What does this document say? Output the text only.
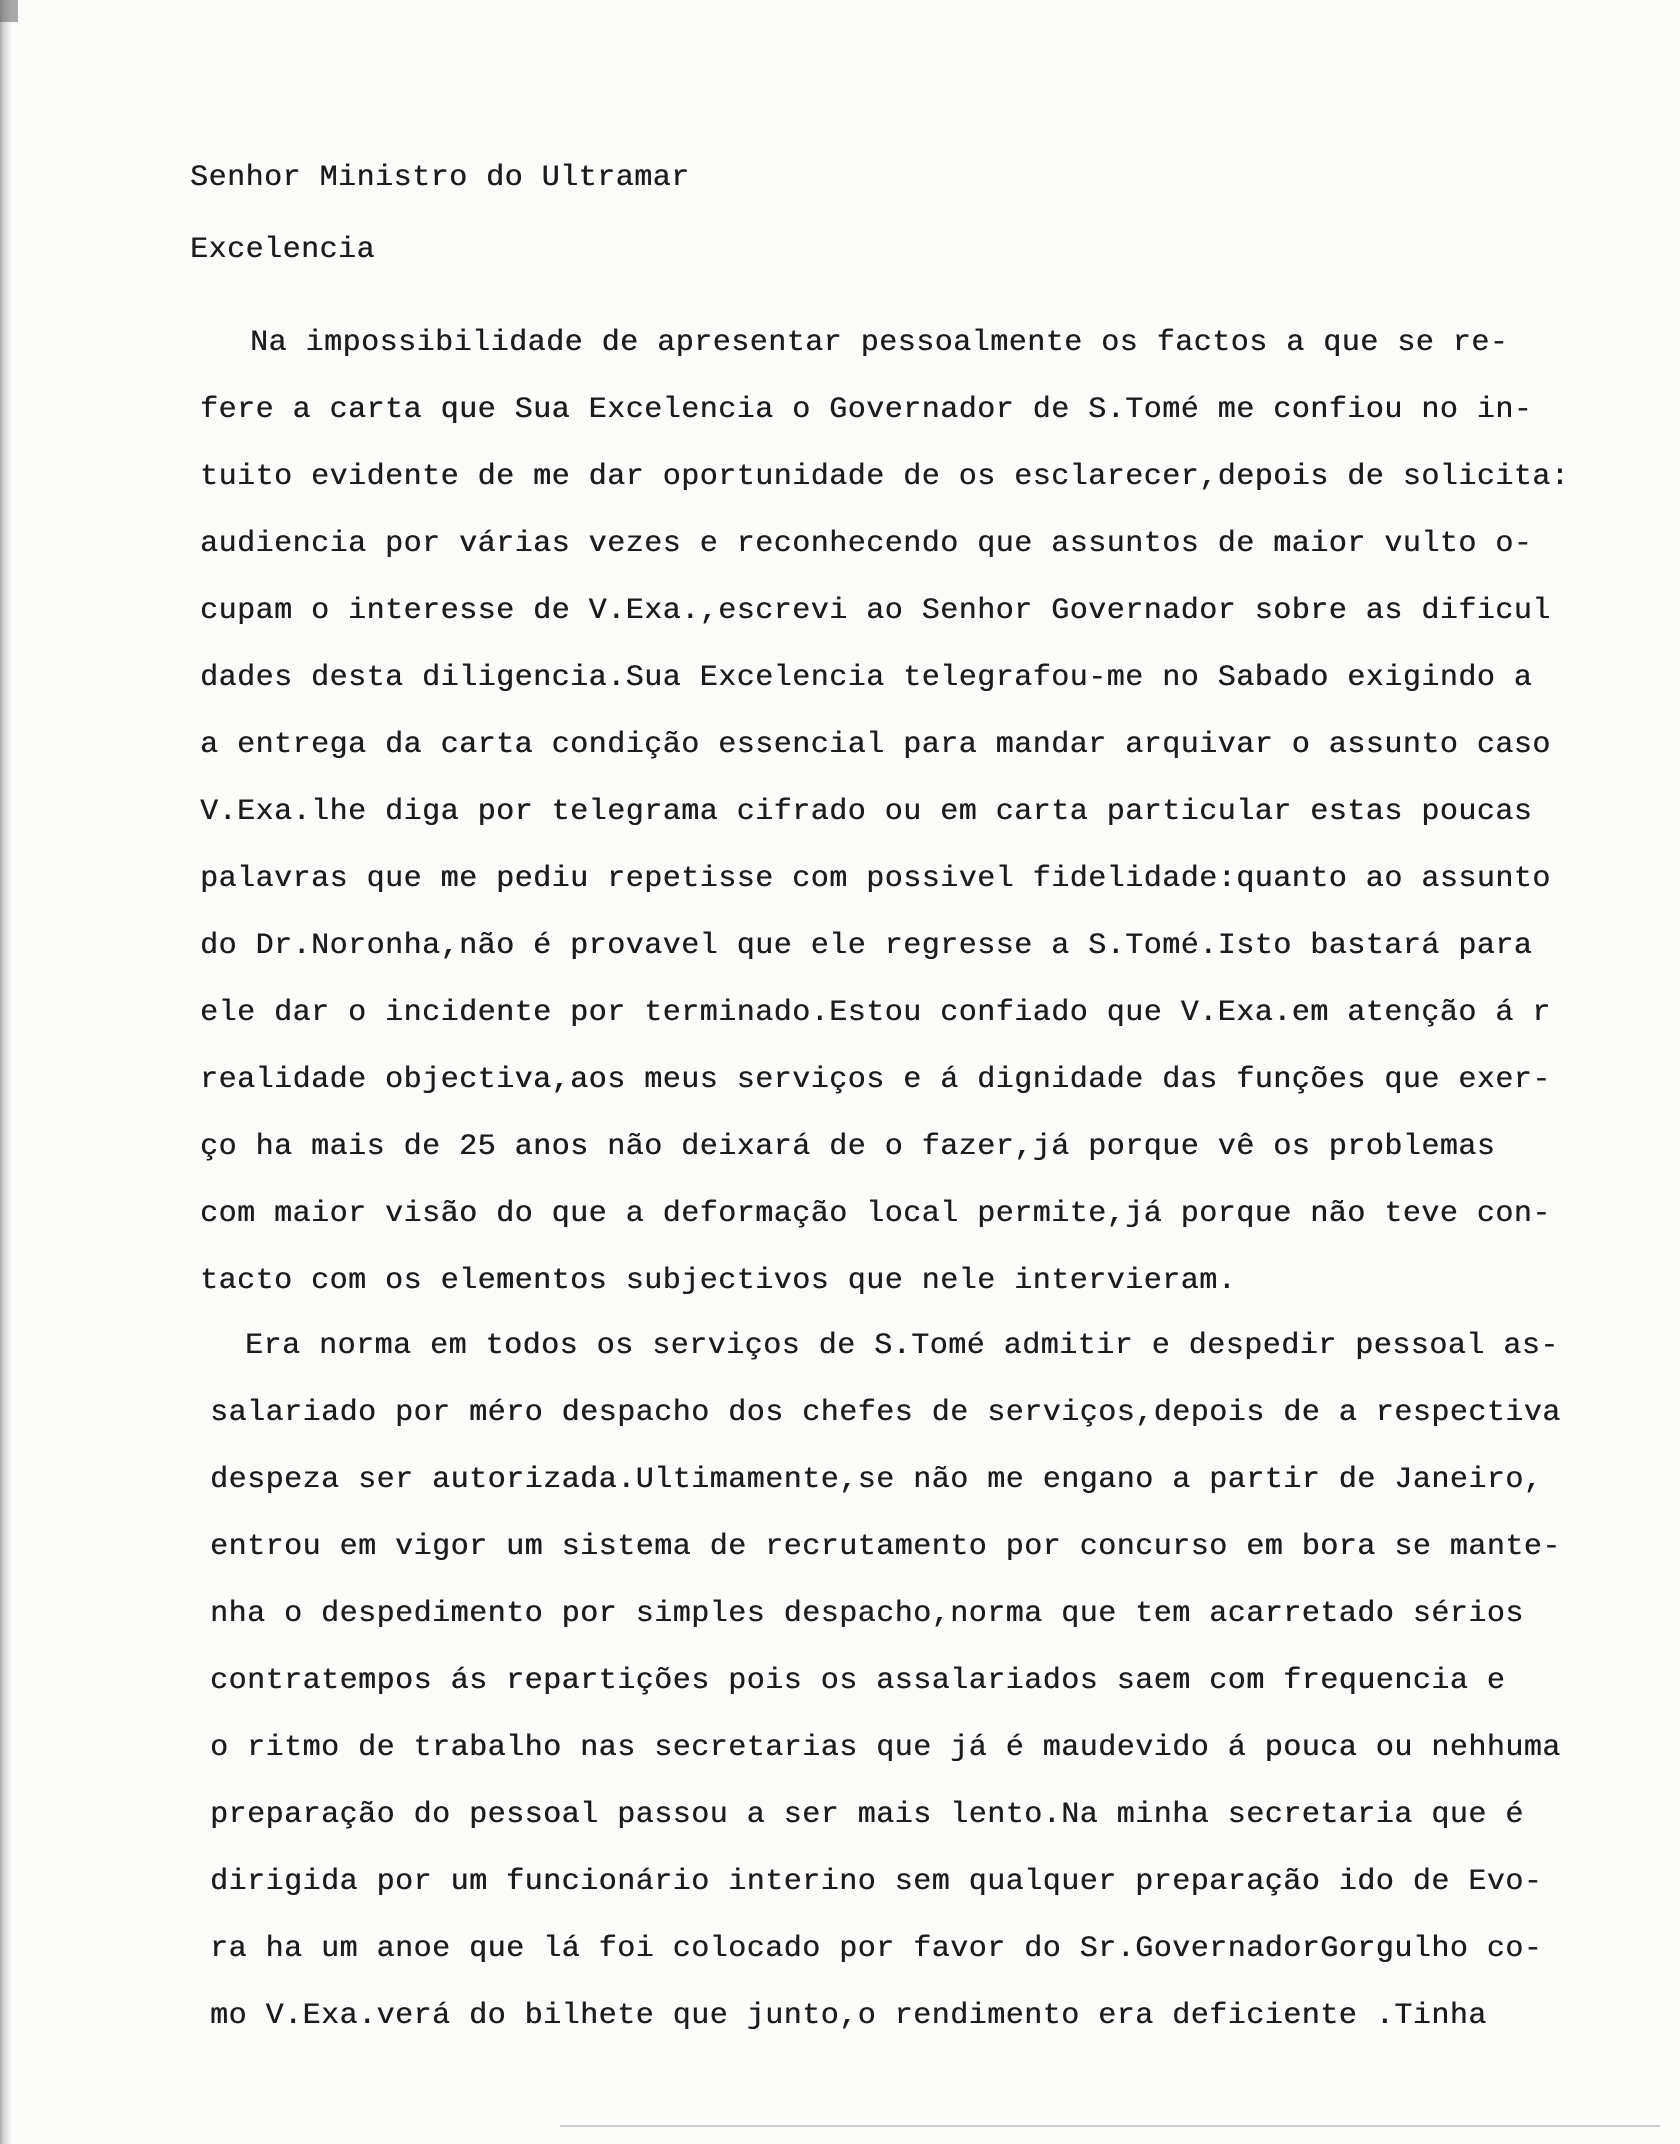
Senhor Ministro do Ultramar
Excelencia
Na impossibilidade de apresentar pessoalmente os factos a que se re-
fere a carta que Sua Excelencia o Governador de S.Tomé me confiou no in-
tuito evidente de me dar oportunidade de os esclarecer,depois de solicita:
audiencia por várias vezes e reconhecendo que assuntos de maior vulto o-
cupam o interesse de V.Exa.,escrevi ao Senhor Governador sobre as dificul
dades desta diligencia.Sua Excelencia telegrafou-me no Sabado exigindo a
a entrega da carta condição essencial para mandar arquivar o assunto caso
V.Exa.lhe diga por telegrama cifrado ou em carta particular estas poucas
palavras que me pediu repetisse com possivel fidelidade:quanto ao assunto
do Dr.Noronha,não é provavel que ele regresse a S.Tomé.Isto bastará para
ele dar o incidente por terminado.Estou confiado que V.Exa.em atenção á r
realidade objectiva,aos meus serviços e á dignidade das funções que exer-
ço ha mais de 25 anos não deixará de o fazer,já porque vê os problemas
com maior visão do que a deformação local permite,já porque não teve con-
tacto com os elementos subjectivos que nele intervieram.
Era norma em todos os serviços de S.Tomé admitir e despedir pessoal as-
salariado por méro despacho dos chefes de serviços,depois de a respectiva
despeza ser autorizada.Ultimamente,se não me engano a partir de Janeiro,
entrou em vigor um sistema de recrutamento por concurso em bora se mante-
nha o despedimento por simples despacho,norma que tem acarretado sérios
contratempos ás repartições pois os assalariados saem com frequencia e
o ritmo de trabalho nas secretarias que já é maudevido á pouca ou nehhuma
preparação do pessoal passou a ser mais lento.Na minha secretaria que é
dirigida por um funcionário interino sem qualquer preparação ido de Evo-
ra ha um anoe que lá foi colocado por favor do Sr.GovernadorGorgulho co-
mo V.Exa.verá do bilhete que junto,o rendimento era deficiente .Tinha
